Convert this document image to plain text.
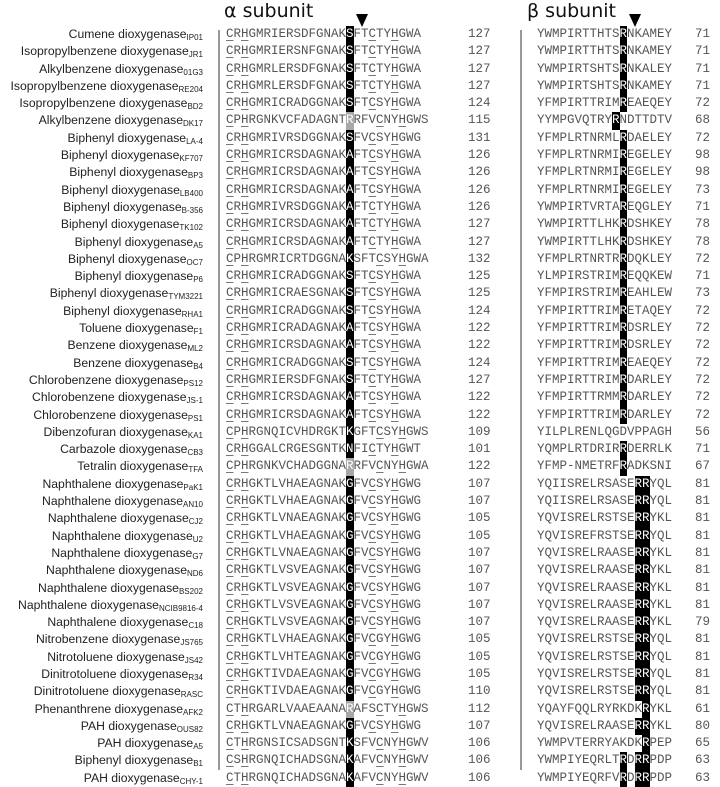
α subunit	β subunit
Cumene dioxygenase$_{IP01}$ CRHGMRIERSDFGNAKSFTCTYHGWA	127	YWMPIRTTHTSRNKAMEY 71
Isopropylbenzene dioxygenase$_{JR1}$ CRHGMRIERSNFGNAKSFTCTYHGWA	127	YWMPIRTTHTSRNKAMEY 71
Alkylbenzene dioxygenase$_{01G3}$ CRHGMRLERSDFGNAKSFTCTYHGWA	127	YWMPIRTSHTSRNKALEY 71
Isopropylbenzene dioxygenase$_{RE204}$ CRHGMRLERSDFGNAKSFTCTYHGWA	127	YWMPIRTSHTSRNKAMEY 71
Isopropylbenzene dioxygenase$_{BD2}$ CRHGMRICRADGGNAKSFTCSYHGWA	124	YFMPIRTTRIMREAEQEY 72
Alkylbenzene dioxygenase$_{DK17}$ CPHRGNKVCFADAGNTRRFVCNYHGWS	115	YYMPGVQTRYRNDTTDTV 68
Biphenyl dioxygenase$_{LA-4}$ CRHGMRIVRSDGGNAKSFVCSYHGWG	131	YFMPLRTNRMLRDAELEY 72
Biphenyl dioxygenase$_{KF707}$ CRHGMRICRSDAGNAKAFTCSYHGWA	126	YFMPLRTNRMIREGELEY 98
Biphenyl dioxygenase$_{BP3}$ CRHGMRICRSDAGNAKAFTCSYHGWA	126	YFMPLRTNRMIREGELEY 98
Biphenyl dioxygenase$_{LB400}$ CRHGMRICRSDAGNAKAFTCSYHGWA	126	YFMPLRTNRMIREGELEY 73
Biphenyl dioxygenase$_{B-356}$ CRHGMRIVRSDGGNAKAFTCTYHGWA	126	YWMPIRTVRTAREQGLEY 71
Biphenyl dioxygenase$_{TK102}$ CRHGMRICRSDAGNAKAFTCTYHGWA	127	YWMPIRTTLHKRDSHKEY 78
Biphenyl dioxygenase$_{A5}$ CRHGMRICRSDAGNAKAFTCTYHGWA	127	YWMPIRTTLHKRDSHKEY 78
Biphenyl dioxygenase$_{OC7}$ CPHRGMRICRTDGGNAKSFTCSYHGWA	132	YFMPLRTNRTRRDQKLEY 72
Biphenyl dioxygenase$_{P6}$ CRHGMRICRADGGNAKSFTCSYHGWA	125	YLMPIRSTRIMREQQKEW 71
Biphenyl dioxygenase$_{TYM3221}$ CRHGMRICRAESGNAKSFTCSYHGWA	125	YFMPIRSTRIMREAHLEW 73
Biphenyl dioxygenase$_{RHA1}$ CRHGMRICRADGGNAKSFTCSYHGWA	124	YFMPIRTTRIMRETAQEY 72
Toluene dioxygenase$_{F1}$ CRHGMRICRADAGNAKAFTCSYHGWA	122	YFMPIRTTRIMRDSRLEY 72
Benzene dioxygenase$_{ML2}$ CRHGMRICRSDAGNAKAFTCSYHGWA	122	YFMPIRTTRIMRDSRLEY 72
Benzene dioxygenase$_{B4}$ CRHGMRICRADGGNAKSFTCSYHGWA	124	YFMPIRTTRIMREAEQEY 72
Chlorobenzene dioxygenase$_{PS12}$ CRHGMRIERSDFGNAKSFTCTYHGWA	127	YFMPIRTTRIMRDARLEY 72
Chlorobenzene dioxygenase$_{JS-1}$ CRHGMRICRSDAGNAKAFTCSYHGWA	122	YFMPIRTTRMMRDARLEY 72
Chlorobenzene dioxygenase$_{PS1}$ CRHGMRICRSDAGNAKAFTCSYHGWA	122	YFMPIRTTRIMRDARLEY 72
Dibenzofuran dioxygenase$_{KA1}$ CPHRGNQICVHDRGKTKGFTCSYHGWS	109	YILPLRENLQGDVPPAGH 56
Carbazole dioxygenase$_{CB3}$ CRHGGALCRGESGNTKNFICTYHGWT	101	YQMPLRTDRIRRDERRLK 71
Tetralin dioxygenase$_{TFA}$ CPHRGNKVCHADGGNARRFVCNYHGWA	122	YFMP-NMETRFRADKSNI 67
Naphthalene dioxygenase$_{PaK1}$ CRHGKTLVHAEAGNAKGFVCSYHGWG	107	YQIISRELRSASERRYQL 81
Naphthalene dioxygenase$_{AN10}$ CRHGKTLVHAEAGNAKGFVCSYHGWG	107	YQIISRELRSASERRYQL 81
Naphthalene dioxygenase$_{CJ2}$ CRHGKTLVNAEAGNAKGFVCSYHGWG	105	YQVISRELRSTSERRYKL 81
Naphthalene dioxygenase$_{U2}$ CRHGKTLVHAEAGNAKGFVCSYHGWG	105	YQVISREFRSTSERRYQL 81
Naphthalene dioxygenase$_{G7}$ CRHGKTLVNAEAGNAKGFVCSYHGWG	107	YQVISRELRAASERRYKL 81
Naphthalene dioxygenase$_{ND6}$ CRHGKTLVSVEAGNAKGFVCSYHGWG	107	YQVISRELRAASERRYKL 81
Naphthalene dioxygenase$_{BS202}$ CRHGKTLVSVEAGNAKGFVCSYHGWG	107	YQVISRELRAASERRYKL 81
Naphthalene dioxygenase$_{NCIB9816-4}$ CRHGKTLVSVEAGNAKGFVCSYHGWG	107	YQVISRELRAASERRYKL 81
Naphthalene dioxygenase$_{C18}$ CRHGKTLVSVEAGNAKGFVCSYHGWG	107	YQVISRELRAASERRYKL 79
Nitrobenzene dioxygenase$_{JS765}$ CRHGKTLVHAEAGNAKGFVCGYHGWG	105	YQVISRELRSTSERRYQL 81
Nitrotoluene dioxygenase$_{JS42}$ CRHGKTLVHTEAGNAKGFVCGYHGWG	105	YQVISRELRSTSERRYQL 81
Dinitrotoluene dioxygenase$_{R34}$ CRHGKTIVDAEAGNAKGFVCGYHGWG	105	YQVISRELRSTSERRYQL 81
Dinitrotoluene dioxygenase$_{RASC}$ CRHGKTIVDAEAGNAKGFVCGYHGWG	110	YQVISRELRSTSERRYQL 81
Phenanthrene dioxygenase$_{AFK2}$ CTHRGARLVAAEAANARAFSCTYHGWS	112	YQAYFQQLRYRKDKRYKL 61
PAH dioxygenase$_{OUS82}$ CRHGKTLVNAEAGNAKGFVCSYHGWG	107	YQVISRELRAASERRYKL 80
PAH dioxygenase$_{A5}$ CTHRGNSICSADSGNTKSFVCNYHGWV	106	YWMPVTERRYAKDKRPEP 65
Biphenyl dioxygenase$_{B1}$ CSHRGNQICHADSGNAKAFVCNYHGWV	106	YWMPIYEQRLTRDRRPDP 63
PAH dioxygenase$_{CHY-1}$ CTHRGNQICHADSGNAKAFVCNYHGWV	106	YWMPIYEQRFVRDRRPDP 63
